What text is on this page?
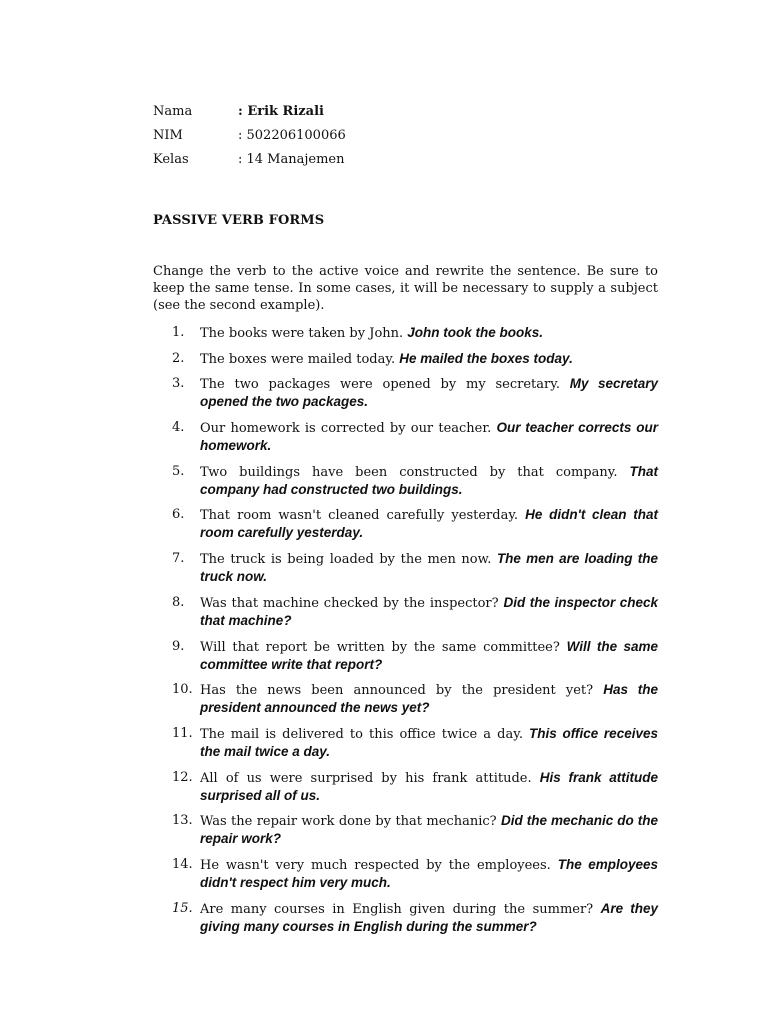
Nama	: Erik Rizali
NIM	: 502206100066
Kelas	: 14 Manajemen
PASSIVE VERB FORMS
Change the verb to the active voice and rewrite the sentence. Be sure to keep the same tense. In some cases, it will be necessary to supply a subject (see the second example).
1.	The books were taken by John. John took the books.
2.	The boxes were mailed today. He mailed the boxes today.
3.	The two packages were opened by my secretary. My secretary opened the two packages.
4.	Our homework is corrected by our teacher. Our teacher corrects our homework.
5.	Two buildings have been constructed by that company. That company had constructed two buildings.
6.	That room wasn't cleaned carefully yesterday. He didn't clean that room carefully yesterday.
7.	The truck is being loaded by the men now. The men are loading the truck now.
8.	Was that machine checked by the inspector? Did the inspector check that machine?
9.	Will that report be written by the same committee? Will the same committee write that report?
10. Has the news been announced by the president yet? Has the president announced the news yet?
11. The mail is delivered to this office twice a day. This office receives the mail twice a day.
12. All of us were surprised by his frank attitude. His frank attitude surprised all of us.
13. Was the repair work done by that mechanic? Did the mechanic do the repair work?
14. He wasn't very much respected by the employees. The employees didn't respect him very much.
15. Are many courses in English given during the summer? Are they giving many courses in English during the summer?
